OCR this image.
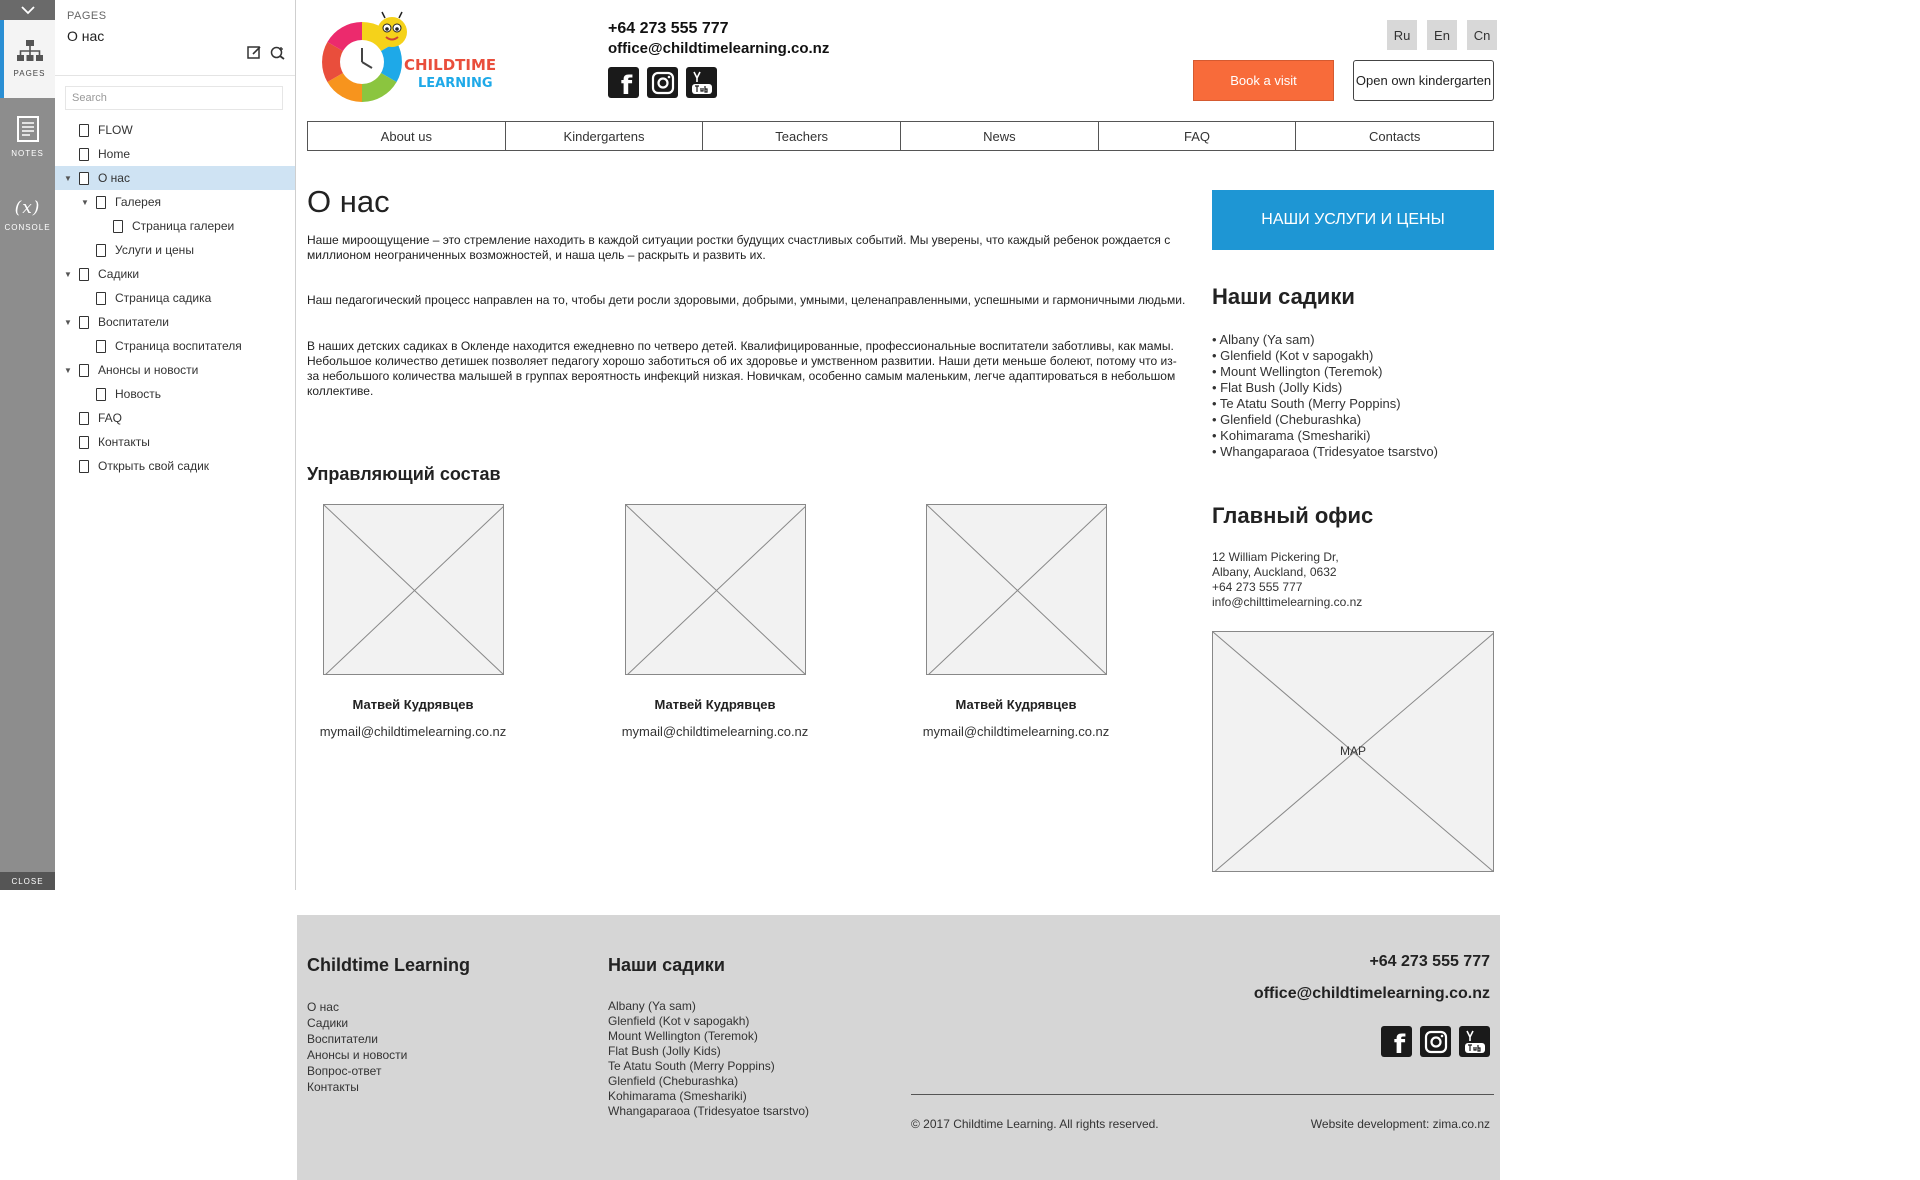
PAGES
NOTES
(x)
CONSOLE
CLOSE
PAGES
О нас
Search
FLOW
Home
▼ О нас
▼ Галерея
Страница галереи
Услуги и цены
▼ Садики
Страница садика
▼ Воспитатели
Страница воспитателя
▼ Анонсы и новости
Новость
FAQ
Контакты
Открыть свой садик
CHILDTIME
LEARNING
+64 273 555 777
office@childtimelearning.co.nz
f
Ru	En	Cn
Book a visit	Open own kindergarten
About us	Kindergartens	Teachers	News	FAQ	Contacts
О нас
Наше мироощущение – это стремление находить в каждой ситуации ростки будущих счастливых событий. Мы уверены, что каждый ребенок рождается с миллионом неограниченных возможностей, и наша цель – раскрыть и развить их.
Наш педагогический процесс направлен на то, чтобы дети росли здоровыми, добрыми, умными, целенаправленными, успешными и гармоничными людьми.
В наших детских садиках в Окленде находится ежедневно по четверо детей. Квалифицированные, профессиональные воспитатели заботливы, как мамы. Небольшое количество детишек позволяет педагогу хорошо заботиться об их здоровье и умственном развитии. Наши дети меньше болеют, потому что из-за небольшого количества малышей в группах вероятность инфекций низкая. Новичкам, особенно самым маленьким, легче адаптироваться в небольшом коллективе.
Управляющий состав
Матвей Кудрявцев
mymail@childtimelearning.co.nz
Матвей Кудрявцев
mymail@childtimelearning.co.nz
Матвей Кудрявцев
mymail@childtimelearning.co.nz
НАШИ УСЛУГИ И ЦЕНЫ
Наши садики
• Albany (Ya sam)
• Glenfield (Kot v sapogakh)
• Mount Wellington (Teremok)
• Flat Bush (Jolly Kids)
• Te Atatu South (Merry Poppins)
• Glenfield (Cheburashka)
• Kohimarama (Smeshariki)
• Whangaparaoa (Tridesyatoe tsarstvo)
Главный офис
12 William Pickering Dr,
Albany, Auckland, 0632
+64 273 555 777
info@chilttimelearning.co.nz
MAP
Childtime Learning
О нас
Садики
Воспитатели
Анонсы и новости
Вопрос-ответ
Контакты
Наши садики
Albany (Ya sam)
Glenfield (Kot v sapogakh)
Mount Wellington (Teremok)
Flat Bush (Jolly Kids)
Te Atatu South (Merry Poppins)
Glenfield (Cheburashka)
Kohimarama (Smeshariki)
Whangaparaoa (Tridesyatoe tsarstvo)
+64 273 555 777
office@childtimelearning.co.nz
f
© 2017 Childtime Learning. All rights reserved.	Website development: zima.co.nz
